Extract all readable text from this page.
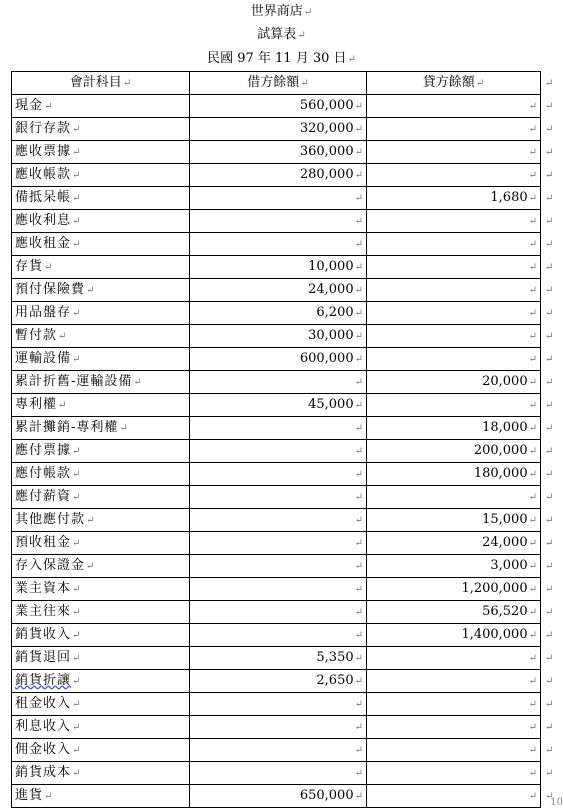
世界商店↵
試算表↵
民國 97 年 11 月 30 日↵
會計科目↵	借方餘額↵	貸方餘額↵	↵
現金↵	560,000↵	↵	↵
銀行存款↵	320,000↵	↵	↵
應收票據↵	360,000↵	↵	↵
應收帳款↵	280,000↵	↵	↵
備抵呆帳↵	↵	1,680↵	↵
應收利息↵	↵	↵	↵
應收租金↵	↵	↵	↵
存貨↵	10,000↵	↵	↵
預付保險費↵	24,000↵	↵	↵
用品盤存↵	6,200↵	↵	↵
暫付款↵	30,000↵	↵	↵
運輸設備↵	600,000↵	↵	↵
累計折舊-運輸設備↵	↵	20,000↵	↵
專利權↵	45,000↵	↵	↵
累計攤銷-專利權↵	↵	18,000↵	↵
應付票據↵	↵	200,000↵	↵
應付帳款↵	↵	180,000↵	↵
應付薪資↵	↵	↵	↵
其他應付款↵	↵	15,000↵	↵
預收租金↵	↵	24,000↵	↵
存入保證金↵	↵	3,000↵	↵
業主資本↵	↵	1,200,000↵	↵
業主往來↵	↵	56,520↵	↵
銷貨收入↵	↵	1,400,000↵	↵
銷貨退回↵	5,350↵	↵	↵
銷貨折讓↵	2,650↵	↵	↵
租金收入↵	↵	↵	↵
利息收入↵	↵	↵	↵
佣金收入↵	↵	↵	↵
銷貨成本↵	↵	↵	↵
進貨↵	650,000↵	↵	↵
10
